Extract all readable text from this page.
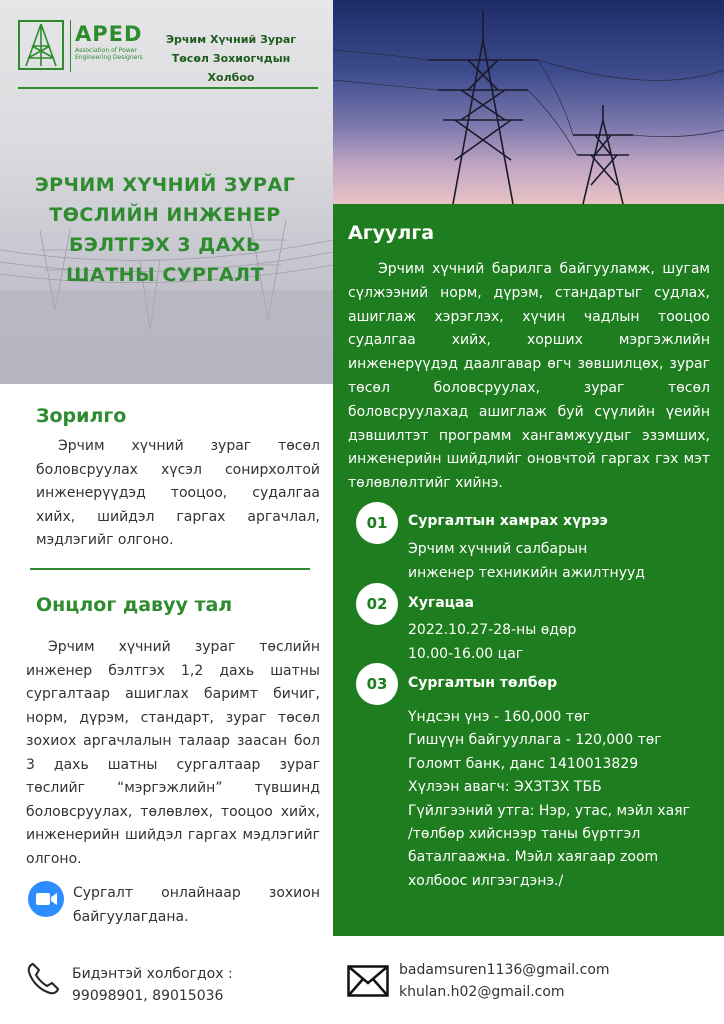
APED
Association of Power Engineering Designers
Эрчим Хүчний Зураг Төсөл Зохиогчдын Холбоо
ЭРЧИМ ХҮЧНИЙ ЗУРАГ ТӨСЛИЙН ИНЖЕНЕР БЭЛТГЭХ 3 ДАХЬ ШАТНЫ СУРГАЛТ
Зорилго
Эрчим хүчний зураг төсөл боловсруулах хүсэл сонирхолтой инженерүүдэд тооцоо, судалгаа хийх, шийдэл гаргах аргачлал, мэдлэгийг олгоно.
Онцлог давуу тал
Эрчим хүчний зураг төслийн инженер бэлтгэх 1,2 дахь шатны сургалтаар ашиглах баримт бичиг, норм, дүрэм, стандарт, зураг төсөл зохиох аргачлалын талаар заасан бол 3 дахь шатны сургалтаар зураг төслийг “мэргэжлийн” түвшинд боловсруулах, төлөвлөх, тооцоо хийх, инженерийн шийдэл гаргах мэдлэгийг олгоно.
Сургалт онлайнаар зохион байгуулагдана.
Агуулга
Эрчим хүчний барилга байгууламж, шугам сүлжээний норм, дүрэм, стандартыг судлах, ашиглаж хэрэглэх, хүчин чадлын тооцоо судалгаа хийх, хорших мэргэжлийн инженерүүдэд даалгавар өгч зөвшилцөх, зураг төсөл боловсруулах, зураг төсөл боловсруулахад ашиглаж буй сүүлийн үеийн дэвшилтэт программ хангамжуудыг эзэмших, инженерийн шийдлийг оновчтой гаргах гэх мэт төлөвлөлтийг хийнэ.
01	Сургалтын хамрах хүрээ
Эрчим хүчний салбарын
инженер техникийн ажилтнууд
02	Хугацаа
2022.10.27-28-ны өдөр
10.00-16.00 цаг
03	Сургалтын төлбөр
Үндсэн үнэ - 160,000 төг
Гишүүн байгууллага - 120,000 төг
Голомт банк, данс 1410013829
Хүлээн авагч: ЭХЗТЗХ ТББ
Гүйлгээний утга: Нэр, утас, мэйл хаяг
/төлбөр хийснээр таны бүртгэл
баталгаажна. Мэйл хаягаар zoom
холбоос илгээгдэнэ./
Бидэнтэй холбогдох :
99098901, 89015036
badamsuren1136@gmail.com
khulan.h02@gmail.com
